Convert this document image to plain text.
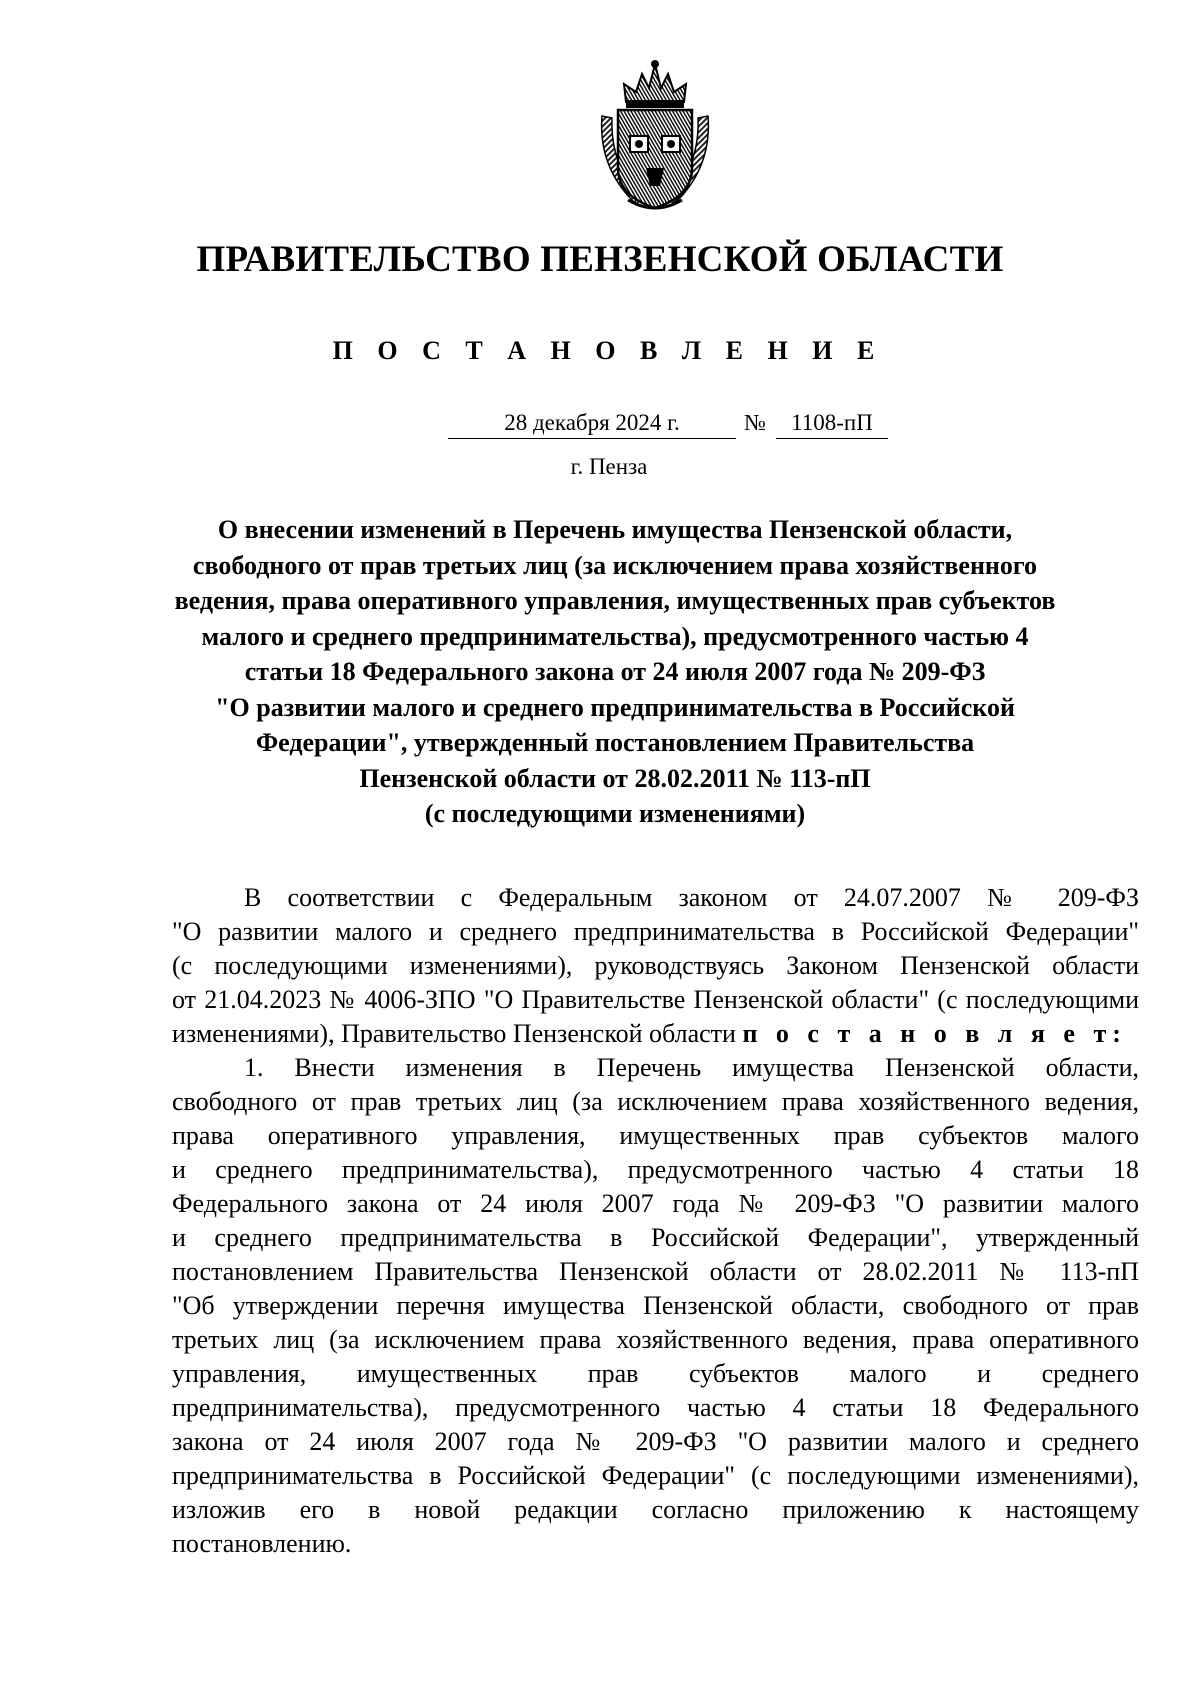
ПРАВИТЕЛЬСТВО ПЕНЗЕНСКОЙ ОБЛАСТИ
П О С Т А Н О В Л Е Н И Е
28 декабря 2024 г.	№	1108-пП
г. Пенза
О внесении изменений в Перечень имущества Пензенской области,
свободного от прав третьих лиц (за исключением права хозяйственного
ведения, права оперативного управления, имущественных прав субъектов
малого и среднего предпринимательства), предусмотренного частью 4
статьи 18 Федерального закона от 24 июля 2007 года № 209-ФЗ
"О развитии малого и среднего предпринимательства в Российской
Федерации", утвержденный постановлением Правительства
Пензенской области от 28.02.2011 № 113-пП
(с последующими изменениями)
В соответствии с Федеральным законом от 24.07.2007 № 209-ФЗ
"О развитии малого и среднего предпринимательства в Российской Федерации"
(с последующими изменениями), руководствуясь Законом Пензенской области
от 21.04.2023 № 4006-ЗПО "О Правительстве Пензенской области" (с последующими
изменениями), Правительство Пензенской области п о с т а н о в л я е т:
1. Внести изменения в Перечень имущества Пензенской области,
свободного от прав третьих лиц (за исключением права хозяйственного ведения,
права оперативного управления, имущественных прав субъектов малого
и среднего предпринимательства), предусмотренного частью 4 статьи 18
Федерального закона от 24 июля 2007 года № 209-ФЗ "О развитии малого
и среднего предпринимательства в Российской Федерации", утвержденный
постановлением Правительства Пензенской области от 28.02.2011 № 113-пП
"Об утверждении перечня имущества Пензенской области, свободного от прав
третьих лиц (за исключением права хозяйственного ведения, права оперативного
управления, имущественных прав субъектов малого и среднего
предпринимательства), предусмотренного частью 4 статьи 18 Федерального
закона от 24 июля 2007 года № 209-ФЗ "О развитии малого и среднего
предпринимательства в Российской Федерации" (с последующими изменениями),
изложив его в новой редакции согласно приложению к настоящему
постановлению.
